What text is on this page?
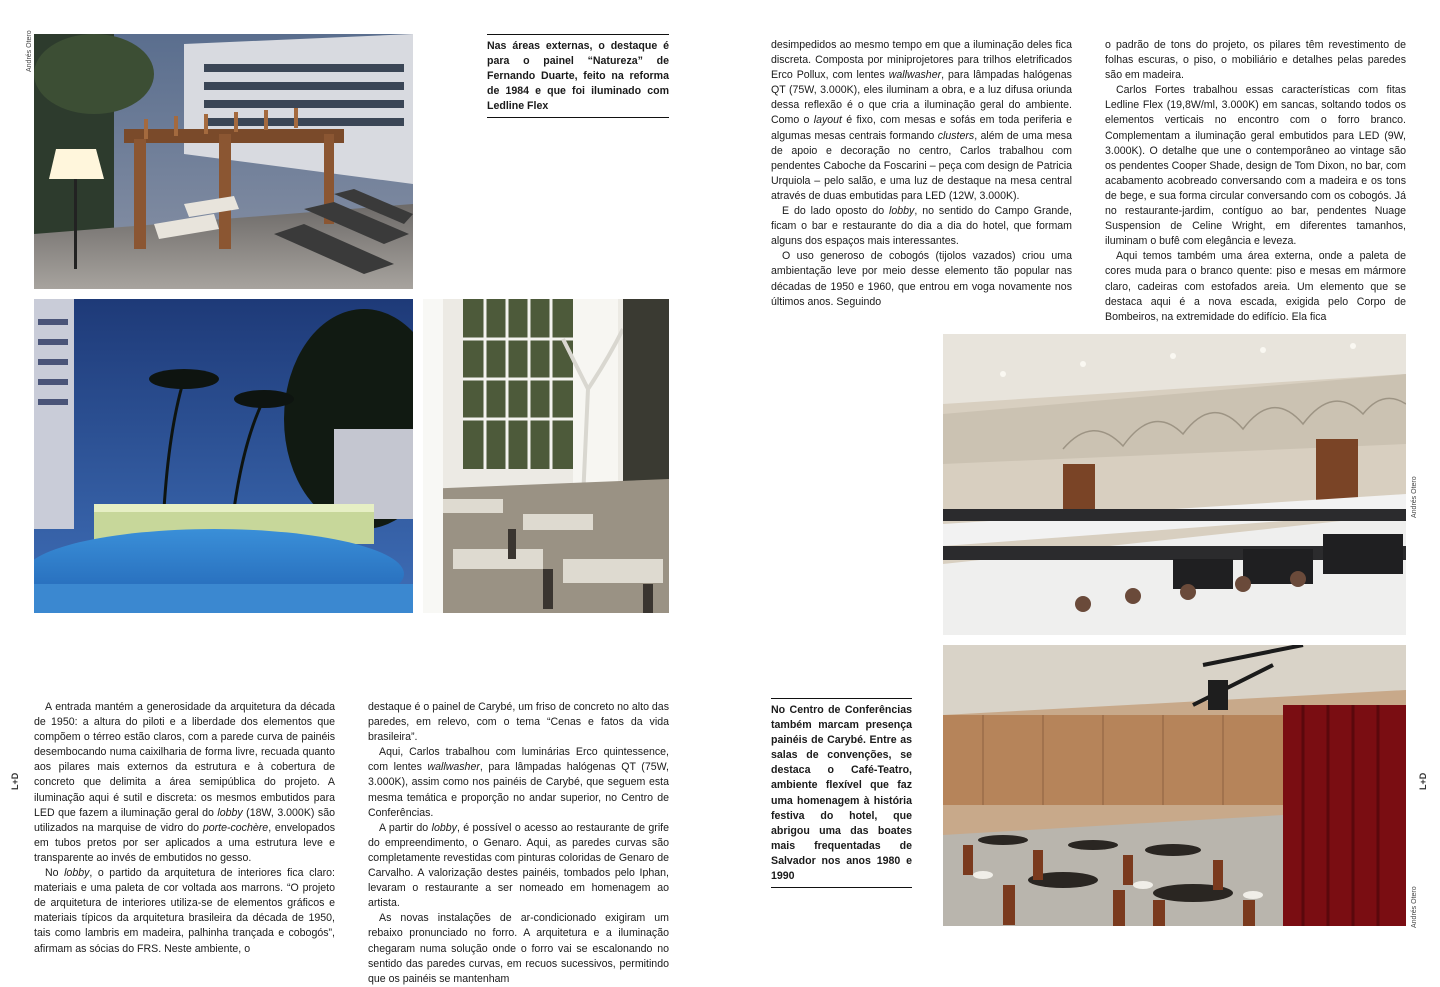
Andrés Otero
Andrés Otero
Andrés Otero
L+D	L+D
Nas áreas externas, o destaque é para o painel “Natureza” de Fernando Duarte, feito na reforma de 1984 e que foi iluminado com Ledline Flex
No Centro de Conferências também marcam presença painéis de Carybé. Entre as salas de convenções, se destaca o Café-Teatro, ambiente flexível que faz uma homenagem à história festiva do hotel, que abrigou uma das boates mais frequentadas de Salvador nos anos 1980 e 1990

A entrada mantém a generosidade da arquitetura da década de 1950: a altura do piloti e a liberdade dos elementos que compõem o térreo estão claros, com a parede curva de painéis desembocando numa caixilharia de forma livre, recuada quanto aos pilares mais externos da estrutura e à cobertura de concreto que delimita a área semipública do projeto. A iluminação aqui é sutil e discreta: os mesmos embutidos para LED que fazem a iluminação geral do lobby (18W, 3.000K) são utilizados na marquise de vidro do porte-cochère, envelopados em tubos pretos por ser aplicados a uma estrutura leve e transparente ao invés de embutidos no gesso.

No lobby, o partido da arquitetura de interiores fica claro: materiais e uma paleta de cor voltada aos marrons. “O projeto de arquitetura de interiores utiliza-se de elementos gráficos e materiais típicos da arquitetura brasileira da década de 1950, tais como lambris em madeira, palhinha trançada e cobogós”, afirmam as sócias do FRS. Neste ambiente, o

destaque é o painel de Carybé, um friso de concreto no alto das paredes, em relevo, com o tema “Cenas e fatos da vida brasileira”.

Aqui, Carlos trabalhou com luminárias Erco quintessence, com lentes wallwasher, para lâmpadas halógenas QT (75W, 3.000K), assim como nos painéis de Carybé, que seguem esta mesma temática e proporção no andar superior, no Centro de Conferências.

A partir do lobby, é possível o acesso ao restaurante de grife do empreendimento, o Genaro. Aqui, as paredes curvas são completamente revestidas com pinturas coloridas de Genaro de Carvalho. A valorização destes painéis, tombados pelo Iphan, levaram o restaurante a ser nomeado em homenagem ao artista.

As novas instalações de ar-condicionado exigiram um rebaixo pronunciado no forro. A arquitetura e a iluminação chegaram numa solução onde o forro vai se escalonando no sentido das paredes curvas, em recuos sucessivos, permitindo que os painéis se mantenham

desimpedidos ao mesmo tempo em que a iluminação deles fica discreta. Composta por miniprojetores para trilhos eletrificados Erco Pollux, com lentes wallwasher, para lâmpadas halógenas QT (75W, 3.000K), eles iluminam a obra, e a luz difusa oriunda dessa reflexão é o que cria a iluminação geral do ambiente. Como o layout é fixo, com mesas e sofás em toda periferia e algumas mesas centrais formando clusters, além de uma mesa de apoio e decoração no centro, Carlos trabalhou com pendentes Caboche da Foscarini – peça com design de Patricia Urquiola – pelo salão, e uma luz de destaque na mesa central através de duas embutidas para LED (12W, 3.000K).

E do lado oposto do lobby, no sentido do Campo Grande, ficam o bar e restaurante do dia a dia do hotel, que formam alguns dos espaços mais interessantes.

O uso generoso de cobogós (tijolos vazados) criou uma ambientação leve por meio desse elemento tão popular nas décadas de 1950 e 1960, que entrou em voga novamente nos últimos anos. Seguindo

o padrão de tons do projeto, os pilares têm revestimento de folhas escuras, o piso, o mobiliário e detalhes pelas paredes são em madeira.

Carlos Fortes trabalhou essas características com fitas Ledline Flex (19,8W/ml, 3.000K) em sancas, soltando todos os elementos verticais no encontro com o forro branco. Complementam a iluminação geral embutidos para LED (9W, 3.000K). O detalhe que une o contemporâneo ao vintage são os pendentes Cooper Shade, design de Tom Dixon, no bar, com acabamento acobreado conversando com a madeira e os tons de bege, e sua forma circular conversando com os cobogós. Já no restaurante-jardim, contíguo ao bar, pendentes Nuage Suspension de Celine Wright, em diferentes tamanhos, iluminam o bufê com elegância e leveza.

Aqui temos também uma área externa, onde a paleta de cores muda para o branco quente: piso e mesas em mármore claro, cadeiras com estofados areia. Um elemento que se destaca aqui é a nova escada, exigida pelo Corpo de Bombeiros, na extremidade do edifício. Ela fica
